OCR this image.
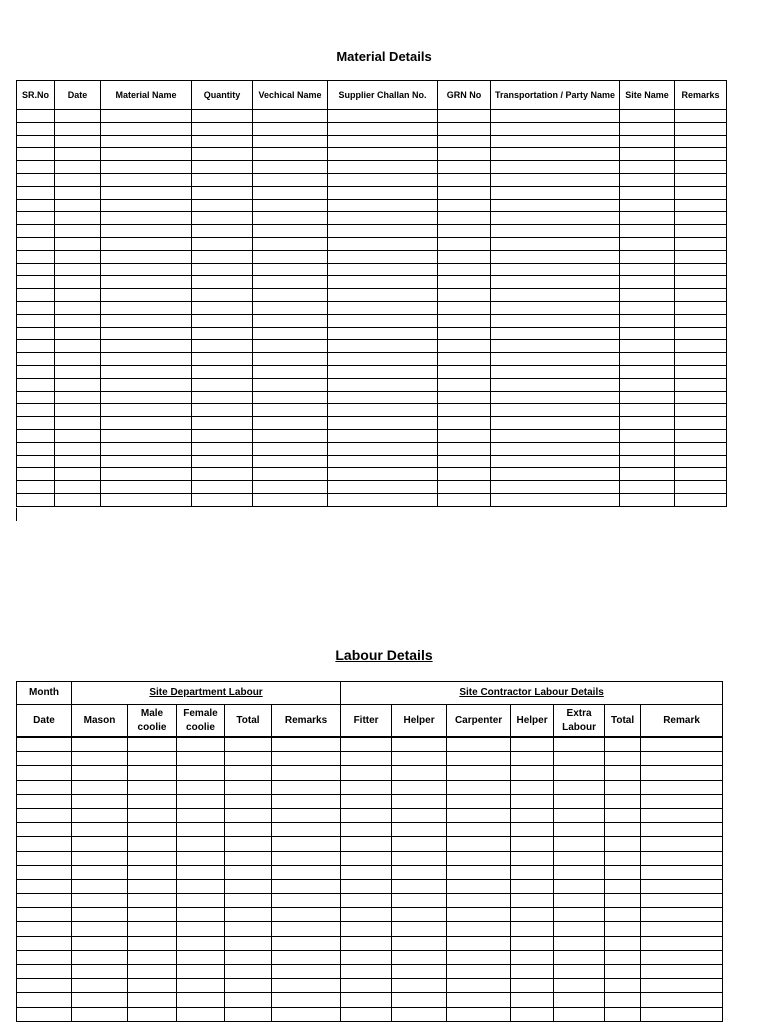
Material Details
SR.No	Date	Material Name	Quantity	Vechical Name	Supplier Challan No.	GRN No	Transportation / Party Name	Site Name	Remarks

Labour Details
Month	Site Department Labour					Site Contractor Labour Details						
Date	Mason	Male coolie	Female coolie	Total	Remarks	Fitter	Helper	Carpenter	Helper	Extra Labour	Total	Remark
